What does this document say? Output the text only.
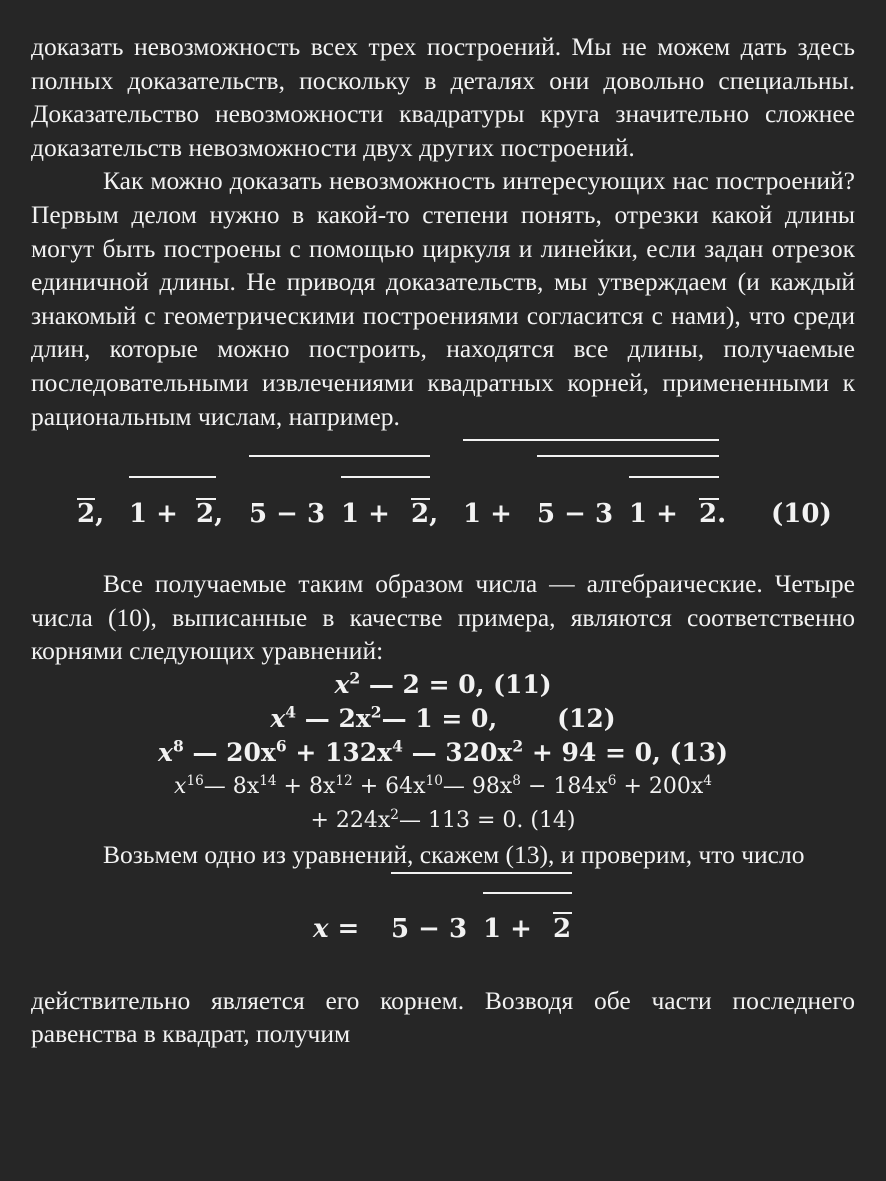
доказать невозможность всех трех построений. Мы не можем дать здесь полных доказательств, поскольку в деталях они довольно специальны. Доказательство невозможности квадратуры круга значительно сложнее доказательств невозможности двух других построений.

Как можно доказать невозможность интересующих нас построений? Первым делом нужно в какой-то степени понять, отрезки какой длины могут быть построены с помощью циркуля и линейки, если задан отрезок единичной длины. Не приводя доказательств, мы утверждаем (и каждый знакомый с геометрическими построениями согласится с нами), что среди длин, которые можно построить, находятся все длины, получаемые последовательными извлечениями квадратных корней, примененными к рациональным числам, например.

2, 1 + 2, 5 − 3 1 + 2, 1 + 5 − 3 1 + 2. (10)

Все получаемые таким образом числа — алгебраические. Четыре числа (10), выписанные в качестве примера, являются соответственно корнями следующих уравнений:

$x^2$ — 2 = 0, (11)
$x^4$ — $2x^2—$ 1 = 0, (12)
$x^8$ — $20x^6 + 132x^4$ — $320x^2 + 94 = 0$, (13)
$x^{16}—$ $8x^{14} + 8x^{12}$ + $64x^{10}—$ $98x^8 - 184x^6 + 200x^4$
+ $224x^2—$ 113 = 0. (14)

Возьмем одно из уравнений, скажем (13), и проверим, что число

x = 5 − 3 1 + 2

действительно является его корнем. Возводя обе части последнего равенства в квадрат, получим
